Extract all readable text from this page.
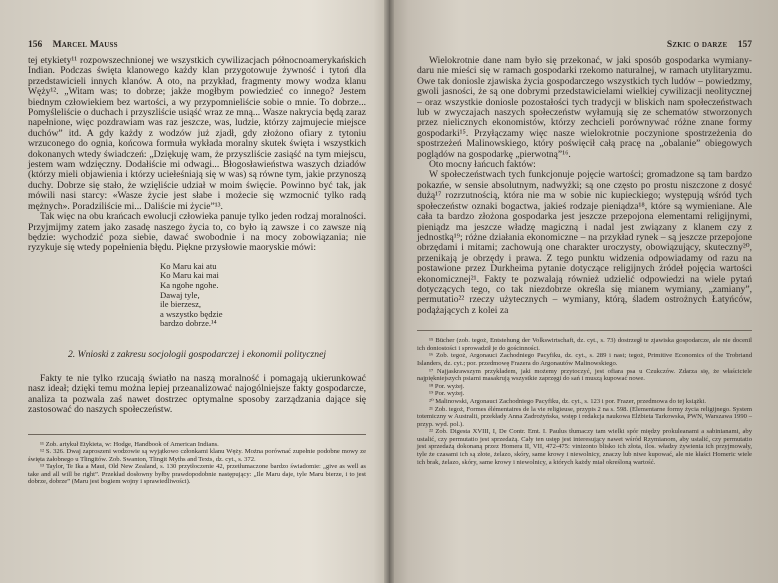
156 Marcel Mauss

tej etykiety¹¹ rozpowszechnionej we wszystkich cywilizacjach północnoamerykańskich Indian. Podczas święta klanowego każdy klan przygotowuje żywność i tytoń dla przedstawicieli innych klanów. A oto, na przykład, fragmenty mowy wodza klanu Węży¹². „Witam was; to dobrze; jakże mogłbym powiedzieć co innego? Jestem biednym człowiekiem bez wartości, a wy przypomnieliście sobie o mnie. To dobrze... Pomyśleliście o duchach i przyszliście usiąść wraz ze mną... Wasze nakrycia będą zaraz napełnione, więc pozdrawiam was raz jeszcze, was, ludzie, którzy zajmujecie miejsce duchów” itd. A gdy każdy z wodzów już zjadł, gdy złożono ofiary z tytoniu wrzuconego do ognia, końcowa formuła wykłada moralny skutek święta i wszystkich dokonanych wtedy świadczeń: „Dziękuję wam, że przyszliście zasiąść na tym miejscu, jestem wam wdzięczny. Dodałiście mi odwagi... Błogosławieństwa waszych dziadów (którzy mieli objawienia i którzy uciełeśniają się w was) są równe tym, jakie przynoszą duchy. Dobrze się stało, że wzięliście udział w moim święcie. Powinno być tak, jak mówili nasi starcy: «Wasze życie jest słabe i możecie się wzmocnić tylko radą mężnych». Poradziliście mi... Daliście mi życie”¹³.

Tak więc na obu krańcach ewolucji człowieka panuje tylko jeden rodzaj moralności. Przyjmijmy zatem jako zasadę naszego życia to, co było ią zawsze i co zawsze nią będzie: wychodzić poza siebie, dawać swobodnie i na mocy zobowiązania; nie ryzykuje się wtedy popełnienia błędu. Piękne przysłowie maoryskie mówi:

Ko Maru kai atu
Ko Maru kai mai
Ka ngohe ngohe.
Dawaj tyle,
ile bierzesz,
a wszystko będzie
bardzo dobrze.¹⁴
2. Wnioski z zakresu socjologii gospodarczej i ekonomii politycznej

Fakty te nie tylko rzucają światło na naszą moralność i pomagają ukierunkować nasz ideał; dzięki temu można lepiej przeanalizować najogólniejsze fakty gospodarcze, analiza ta pozwala zaś nawet dostrzec optymalne sposoby zarządzania dające się zastosować do naszych społeczeństw.

¹¹ Zob. artykuł Etykieta, w: Hodge, Handbook of American Indians.

¹² S. 326. Dwaj zaproszeni wodzowie są wyjątkowo członkami klanu Węży. Można porównać zupełnie podobne mowy ze święta żałobnego u Tlingitów. Zob. Swanton, Tlingit Myths and Texts, dz. cyt., s. 372.

¹³ Taylor, Te Ika a Maui, Old New Zealand, s. 130 przytłoczenie 42, przetłumaczone bardzo świadomie: „give as well as take and all will be right”. Przekład dosłowny byłby prawdopodobnie następujący: „Ile Maru daje, tyle Maru bierze, i to jest dobrze, dobrze” (Maru jest bogiem wojny i sprawiedliwości).

Szkic o darze 157

Wielokrotnie dane nam było się przekonać, w jaki sposób gospodarka wymiany-daru nie mieści się w ramach gospodarki rzekomo naturalnej, w ramach utylitaryzmu. Owe tak doniosle zjawiska życia gospodarczego wszystkich tych ludów – powiedzmy, gwoli jasności, że są one dobrymi przedstawicielami wielkiej cywilizacji neolitycznej – oraz wszystkie doniosle pozostałości tych tradycji w bliskich nam społeczeństwach lub w zwyczajach naszych społeczeństw wyłamują się ze schematów stworzonych przez nielicznych ekonomistów, którzy zechcieli porównywać różne znane formy gospodarki¹⁵. Przyłączamy więc nasze wielokrotnie poczynione spostrzeżenia do spostrzeżeń Malinowskiego, który poświęcił całą pracę na „obalanie” obiegowych poglądów na gospodarkę „pierwotną”¹⁶.

Oto mocny łańcuch faktów:

W społeczeństwach tych funkcjonuje pojęcie wartości; gromadzone są tam bardzo pokazńe, w sensie absolutnym, nadwyżki; są one często po prostu niszczone z dosyć dużą¹⁷ rozrzutnością, która nie ma w sobie nic kupieckiego; występują wśród tych społeczeństw oznaki bogactwa, jakieś rodzaje pieniądza¹⁸, które są wymieniane. Ale cała ta bardzo złożona gospodarka jest jeszcze przepojona elementami religijnymi, pieniądz ma jeszcze władzę magiczną i nadal jest związany z klanem czy z jednostką¹⁹; różne działania ekonomiczne – na przykład rynek – są jeszcze przepojone obrzędami i mitami; zachowują one charakter uroczysty, obowiązujący, skuteczny²⁰, przenikają je obrzędy i prawa. Z tego punktu widzenia odpowiadamy od razu na postawione przez Durkheima pytanie dotyczące religijnych źródeł pojęcia wartości ekonomicznej²¹. Fakty te pozwalają również udzielić odpowiedzi na wiele pytań dotyczących tego, co tak niezdobrze określa się mianem wymiany, „zamiany”, permutatio²² rzeczy użytecznych – wymiany, którą, śladem ostrożnych Łatyńców, podążających z kolei za

¹⁵ Bücher (zob. tegoż, Entstehung der Volkswirtschaft, dz. cyt., s. 73) dostrzegł te zjawiska gospodarcze, ale nie docenil ich doniostości i sprowadził je do gościnności.

¹⁶ Zob. tegoż, Argonauci Zachodniego Pacyfiku, dz. cyt., s. 289 i nast; tegoż, Primitive Economics of the Trobriand Islanders, dz. cyt.; por. przedmowę Frazera do Argonautów Malinowskiego.

¹⁷ Najjaskrawszym przykładem, jaki możemy przytoczyć, jest ofiara psa u Czukczów. Zdarza się, że właściciele najpiękniejszych psiarni masakrują wszystkie zaprzęgi do sań i muszą kupować nowe.

¹⁸ Por. wyżej.

¹⁹ Por. wyżej.

²⁰ Malinowski, Argonauci Zachodniego Pacyfiku, dz. cyt., s. 123 i por. Frazer, przedmowa do tej książki.

²¹ Zob. tegoż, Formes élémentaires de la vie religieuse, przypis 2 na s. 598. (Elementarne formy życia religijnego. System totemiczny w Australii, przekłady Anna Zadrożyńska, wstęp i redakcja naukowa Elżbieta Tarkowska, PWN, Warszawa 1990 – przyp. wyd. pol.).

²² Zob. Digesta XVIII, I, De Contr. Emt. I. Paulus tłumaczy tam wielki spór między prokuleanami a sabinianami, aby ustalić, czy permutatio jest sprzedażą. Cały ten ustęp jest interesujący nawet wśród Rzymianom, aby ustalić, czy permutatio jest sprzedażą dokonaną przez Homera II, VII, 472-475: vinizonto blisko ich złota, ilos. władzy żywienia ich przyjmowały, tyle że czasami ich są złote, żelazo, skóry, same krowy i niewolnicy, znaczy lub niwe kupować, ale nie kłaści Homeric wiele ich brak, żelazo, skóry, same krowy i niewolnicy, a których każdy miał określoną wartość.
